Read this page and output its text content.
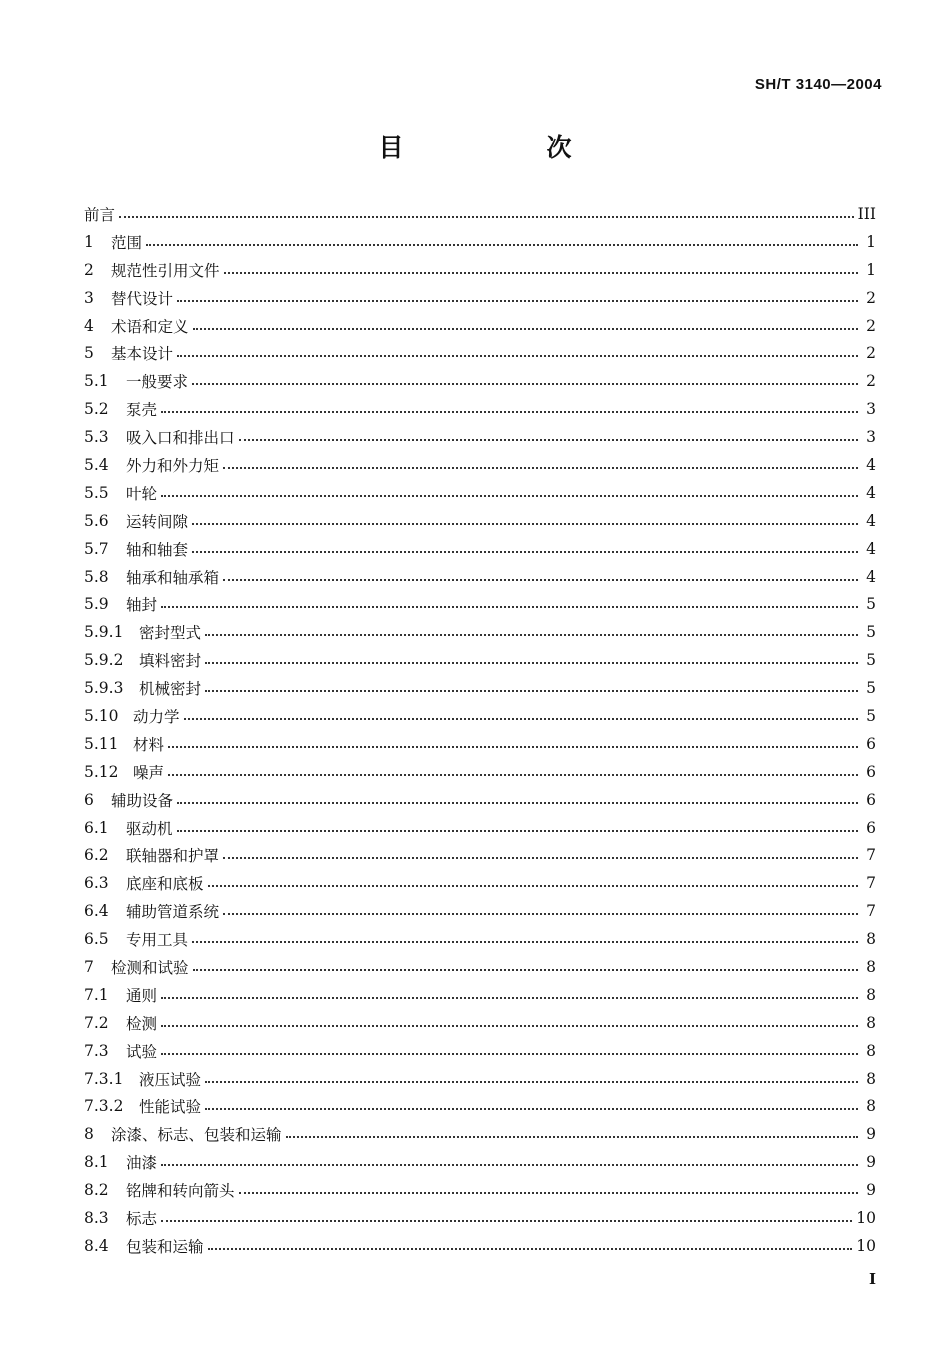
SH/T 3140—2004
目	次
前言	III
1	范围	1
2	规范性引用文件	1
3	替代设计	2
4	术语和定义	2
5	基本设计	2
5.1	一般要求	2
5.2	泵壳	3
5.3	吸入口和排出口	3
5.4	外力和外力矩	4
5.5	叶轮	4
5.6	运转间隙	4
5.7	轴和轴套	4
5.8	轴承和轴承箱	4
5.9	轴封	5
5.9.1	密封型式	5
5.9.2	填料密封	5
5.9.3	机械密封	5
5.10 动力学	5
5.11 材料	6
5.12 噪声	6
6	辅助设备	6
6.1	驱动机	6
6.2	联轴器和护罩	7
6.3	底座和底板	7
6.4	辅助管道系统	7
6.5	专用工具	8
7	检测和试验	8
7.1	通则	8
7.2	检测	8
7.3	试验	8
7.3.1	液压试验	8
7.3.2	性能试验	8
8	涂漆、标志、包装和运输	9
8.1	油漆	9
8.2	铭牌和转向箭头	9
8.3	标志	10
8.4	包装和运输	10
I
